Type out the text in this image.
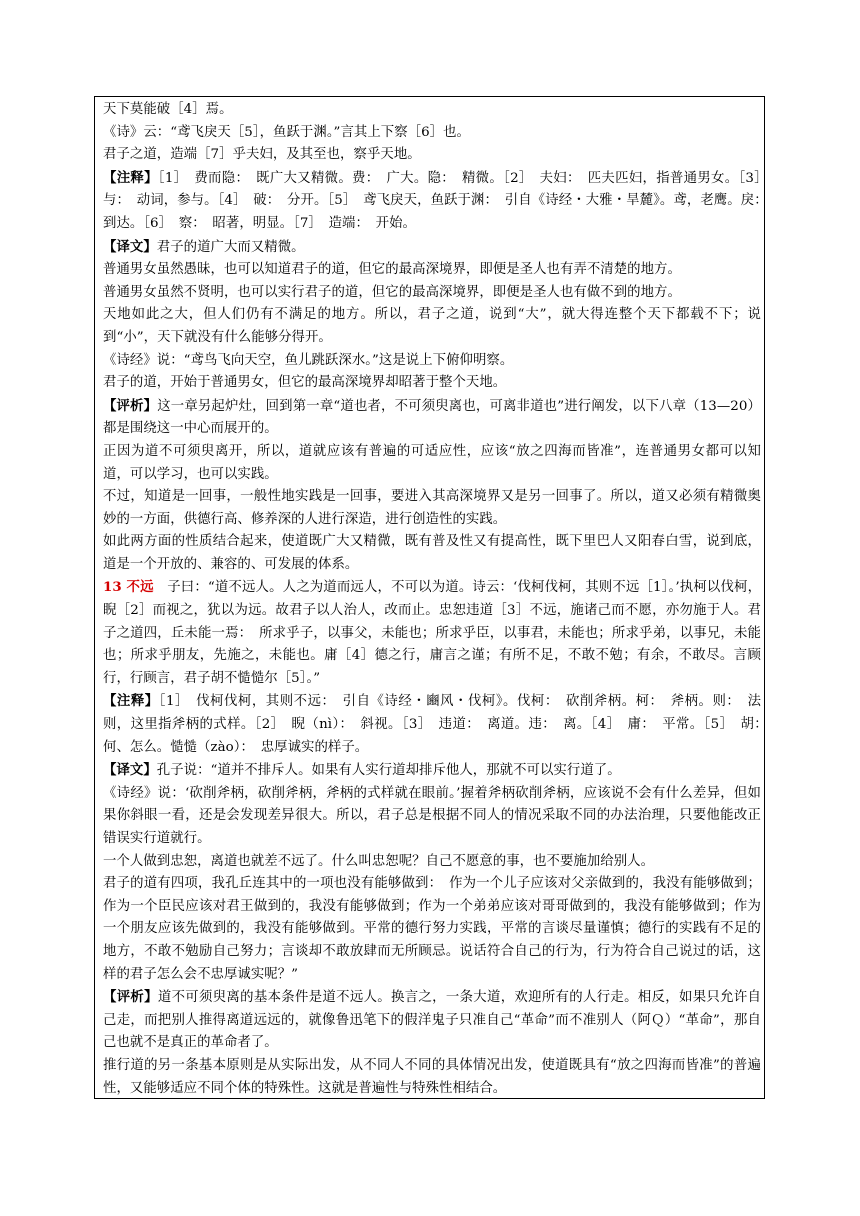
天下莫能破［4］焉。

《诗》云：“鸢飞戾天［5］，鱼跃于渊。”言其上下察［6］也。

君子之道，造端［7］乎夫妇，及其至也，察乎天地。

【注释】［1］　费而隐：　既广大又精微。费：　广大。隐：　精微。［2］　夫妇：　匹夫匹妇，指普通男女。［3］　与：　动词，参与。［4］　破：　分开。［5］　鸢飞戾天，鱼跃于渊：　引自《诗经・大雅・旱麓》。鸢，老鹰。戾：　到达。［6］　察：　昭著，明显。［7］　造端：　开始。

【译文】君子的道广大而又精微。

普通男女虽然愚昧，也可以知道君子的道，但它的最高深境界，即便是圣人也有弄不清楚的地方。

普通男女虽然不贤明，也可以实行君子的道，但它的最高深境界，即便是圣人也有做不到的地方。

天地如此之大，但人们仍有不满足的地方。所以，君子之道，说到“大”，就大得连整个天下都载不下；说到“小”，天下就没有什么能够分得开。

《诗经》说：“鸢鸟飞向天空，鱼儿跳跃深水。”这是说上下俯仰明察。

君子的道，开始于普通男女，但它的最高深境界却昭著于整个天地。

【评析】这一章另起炉灶，回到第一章“道也者，不可须臾离也，可离非道也”进行阐发，以下八章（13—20）都是围绕这一中心而展开的。

正因为道不可须臾离开，所以，道就应该有普遍的可适应性，应该“放之四海而皆准”，连普通男女都可以知道，可以学习，也可以实践。

不过，知道是一回事，一般性地实践是一回事，要进入其高深境界又是另一回事了。所以，道又必须有精微奥妙的一方面，供德行高、修养深的人进行深造，进行创造性的实践。

如此两方面的性质结合起来，使道既广大又精微，既有普及性又有提高性，既下里巴人又阳春白雪，说到底，道是一个开放的、兼容的、可发展的体系。

13 不远　子曰：“道不远人。人之为道而远人，不可以为道。诗云：‘伐柯伐柯，其则不远［1］。’执柯以伐柯，睨［2］而视之，犹以为远。故君子以人治人，改而止。忠恕违道［3］不远，施诸己而不愿，亦勿施于人。君子之道四，丘未能一焉：　所求乎子，以事父，未能也；所求乎臣，以事君，未能也；所求乎弟，以事兄，未能也；所求乎朋友，先施之，未能也。庸［4］德之行，庸言之谨；有所不足，不敢不勉；有余，不敢尽。言顾行，行顾言，君子胡不慥慥尔［5］。”

【注释】［1］　伐柯伐柯，其则不远：　引自《诗经・豳风・伐柯》。伐柯：　砍削斧柄。柯：　斧柄。则：　法则，这里指斧柄的式样。［2］　睨（nì）：　斜视。［3］　违道：　离道。违：　离。［4］　庸：　平常。［5］　胡：　何、怎么。慥慥（zào）：　忠厚诚实的样子。

【译文】孔子说：“道并不排斥人。如果有人实行道却排斥他人，那就不可以实行道了。

《诗经》说：‘砍削斧柄，砍削斧柄，斧柄的式样就在眼前。’握着斧柄砍削斧柄，应该说不会有什么差异，但如果你斜眼一看，还是会发现差异很大。所以，君子总是根据不同人的情况采取不同的办法治理，只要他能改正错误实行道就行。

一个人做到忠恕，离道也就差不远了。什么叫忠恕呢？自己不愿意的事，也不要施加给别人。

君子的道有四项，我孔丘连其中的一项也没有能够做到：　作为一个儿子应该对父亲做到的，我没有能够做到；作为一个臣民应该对君王做到的，我没有能够做到；作为一个弟弟应该对哥哥做到的，我没有能够做到；作为一个朋友应该先做到的，我没有能够做到。平常的德行努力实践，平常的言谈尽量谨慎；德行的实践有不足的地方，不敢不勉励自己努力；言谈却不敢放肆而无所顾忌。说话符合自己的行为，行为符合自己说过的话，这样的君子怎么会不忠厚诚实呢？”

【评析】道不可须臾离的基本条件是道不远人。换言之，一条大道，欢迎所有的人行走。相反，如果只允许自己走，而把别人推得离道远远的，就像鲁迅笔下的假洋鬼子只准自己“革命”而不准别人（阿Ｑ）“革命”，那自己也就不是真正的革命者了。

推行道的另一条基本原则是从实际出发，从不同人不同的具体情况出发，使道既具有“放之四海而皆准”的普遍性，又能够适应不同个体的特殊性。这就是普遍性与特殊性相结合。
